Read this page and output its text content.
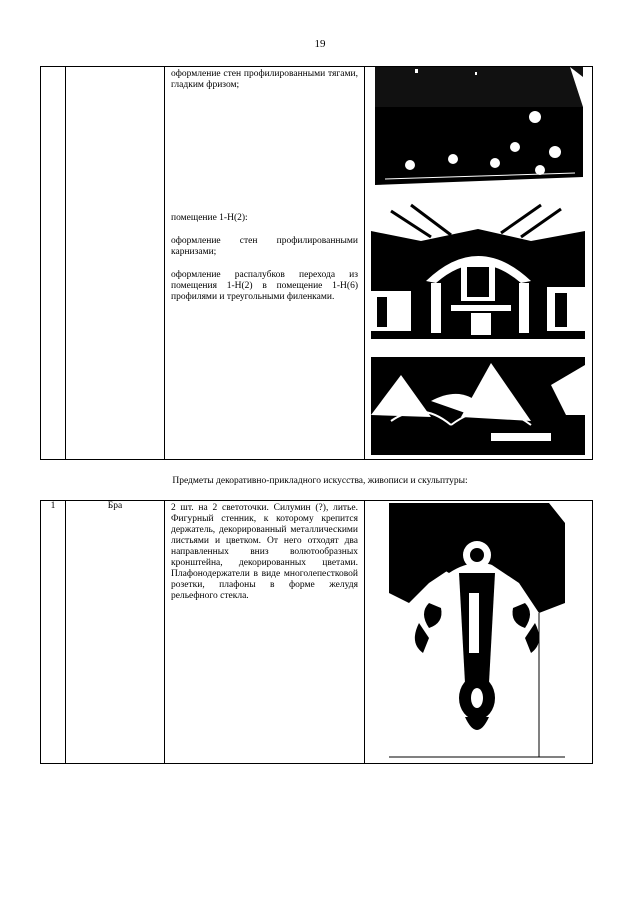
19

оформление стен профилированными тягами, гладким фризом;

помещение 1-Н(2):

оформление стен профилированными карнизами;

оформление распалубков перехода из помещения 1-Н(2) в помещение 1-Н(6) профилями и треугольными филенками.

Предметы декоративно-прикладного искусства, живописи и скульптуры:
1	Бра	2 шт. на 2 светоточки. Силумин (?), литье. Фигурный стенник, к которому крепится держатель, декорированный металлическими листьями и цветком. От него отходят два направленных вниз волютообразных кронштейна, декорированных цветами. Плафонодержатели в виде многолепестковой розетки, плафоны в форме желудя рельефного стекла.
